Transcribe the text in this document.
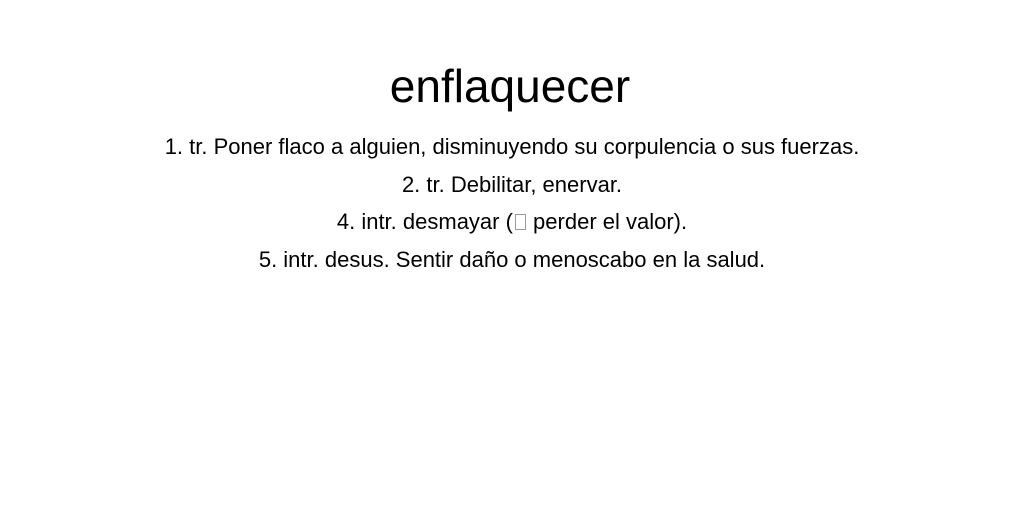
enflaquecer
1. tr. Poner flaco a alguien, disminuyendo su corpulencia o sus fuerzas.
2. tr. Debilitar, enervar.
4. intr. desmayar ( perder el valor).
5. intr. desus. Sentir daño o menoscabo en la salud.
